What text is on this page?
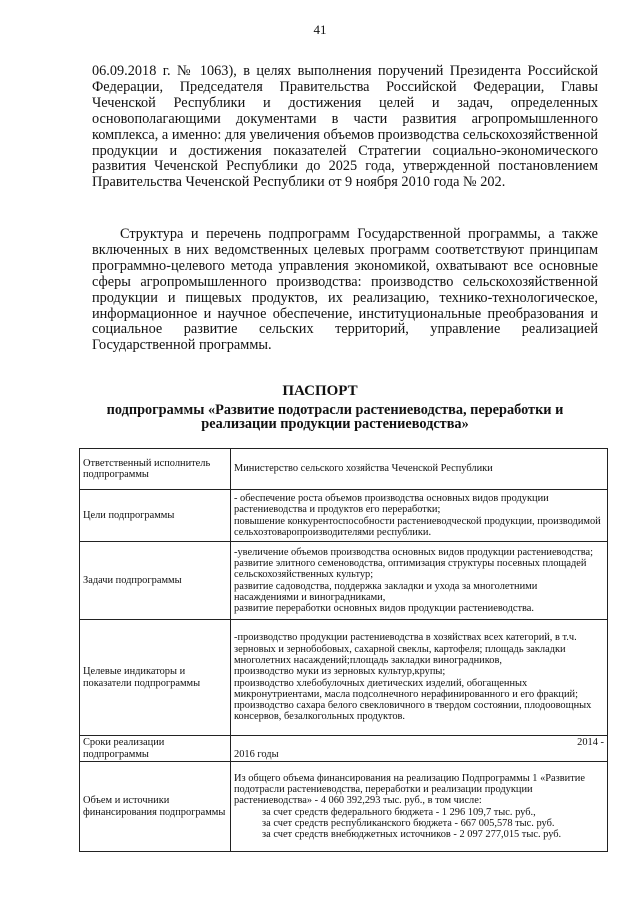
41

06.09.2018 г. № 1063), в целях выполнения поручений Президента Российской Федерации, Председателя Правительства Российской Федерации, Главы Чеченской Республики и достижения целей и задач, определенных основополагающими документами в части развития агропромышленного комплекса, а именно: для увеличения объемов производства сельскохозяйственной продукции и достижения показателей Стратегии социально-экономического развития Чеченской Республики до 2025 года, утвержденной постановлением Правительства Чеченской Республики от 9 ноября 2010 года № 202.

Структура и перечень подпрограмм Государственной программы, а также включенных в них ведомственных целевых программ соответствуют принципам программно-целевого метода управления экономикой, охватывают все основные сферы агропромышленного производства: производство сельскохозяйственной продукции и пищевых продуктов, их реализацию, технико-технологическое, информационное и научное обеспечение, институциональные преобразования и социальное развитие сельских территорий, управление реализацией Государственной программы.

ПАСПОРТ

подпрограммы «Развитие подотрасли растениеводства, переработки и реализации продукции растениеводства»

Ответственный исполнитель подпрограммы	Министерство сельского хозяйства Чеченской Республики

Цели подпрограммы	- обеспечение роста объемов производства основных видов продукции растениеводства и продуктов его переработки;
повышение конкурентоспособности растениеводческой продукции, производимой сельхозтоваропроизводителями республики.

Задачи подпрограммы	-увеличение объемов производства основных видов продукции растениеводства; развитие элитного семеноводства, оптимизация структуры посевных площадей сельскохозяйственных культур;
развитие садоводства, поддержка закладки и ухода за многолетними насаждениями и виноградниками,
развитие переработки основных видов продукции растениеводства.

Целевые индикаторы и показатели подпрограммы	-производство продукции растениеводства в хозяйствах всех категорий, в т.ч. зерновых и зернобобовых, сахарной свеклы, картофеля; площадь закладки многолетних насаждений;площадь закладки виноградников,
производство муки из зерновых культур,крупы;
производство хлебобулочных диетических изделий, обогащенных микронутриентами, масла подсолнечного нерафинированного и его фракций; производство сахара белого свекловичного в твердом состоянии, плодоовощных консервов, безалкогольных продуктов.

Сроки реализации подпрограммы	2014 -
2016 годы

Объем и источники финансирования подпрограммы	Из общего объема финансирования на реализацию Подпрограммы 1 «Развитие подотрасли растениеводства, переработки и реализации продукции растениеводства» - 4 060 392,293 тыс. руб., в том числе:
за счет средств федерального бюджета - 1 296 109,7 тыс. руб.,
за счет средств республиканского бюджета - 667 005,578 тыс. руб.
за счет средств внебюджетных источников - 2 097 277,015 тыс. руб.
